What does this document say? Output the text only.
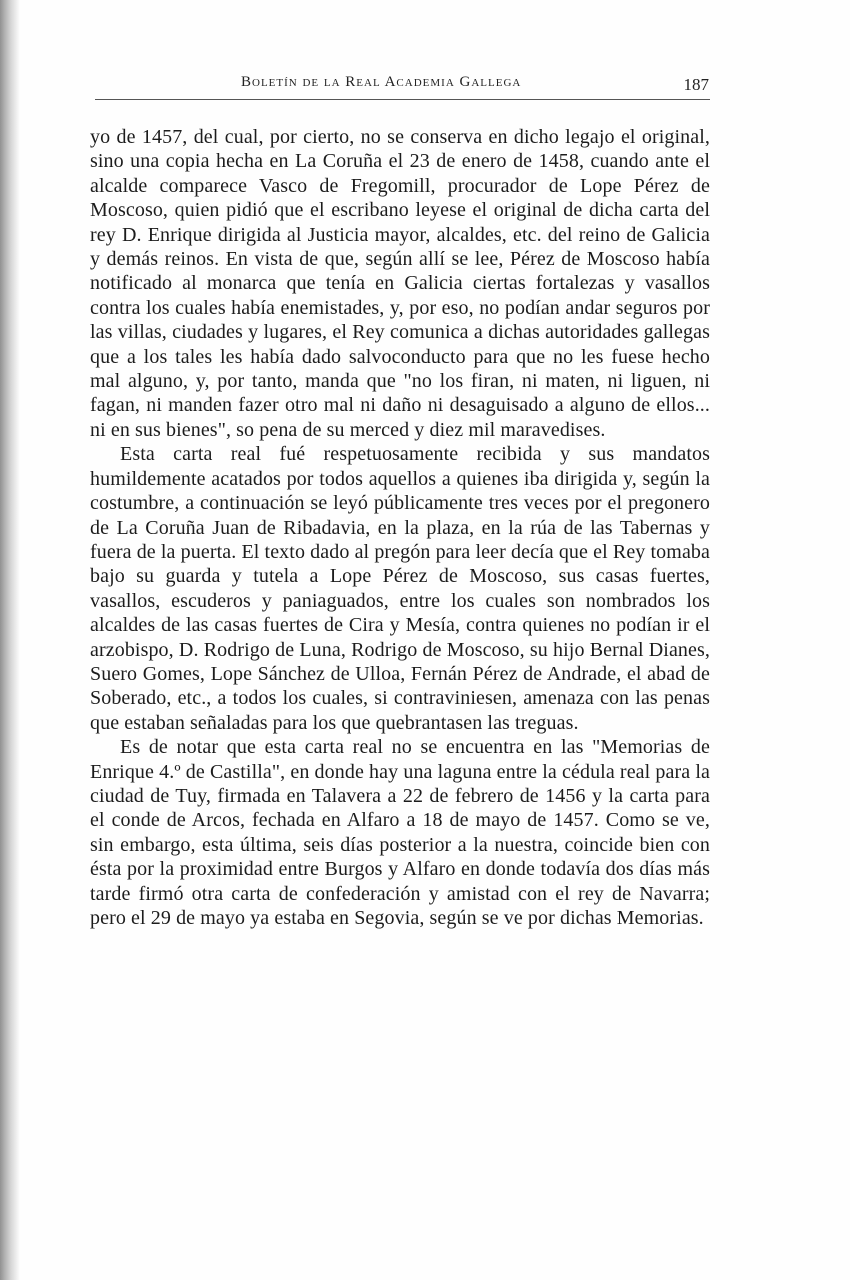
Boletín de la Real Academia Gallega	187

yo de 1457, del cual, por cierto, no se conserva en dicho legajo el original, sino una copia hecha en La Coruña el 23 de enero de 1458, cuando ante el alcalde comparece Vasco de Fregomill, procurador de Lope Pérez de Moscoso, quien pidió que el escribano leyese el original de dicha carta del rey D. Enrique dirigida al Justicia mayor, alcaldes, etc. del reino de Galicia y demás reinos. En vista de que, según allí se lee, Pérez de Moscoso había notificado al monarca que tenía en Galicia ciertas fortalezas y vasallos contra los cuales había enemistades, y, por eso, no podían andar seguros por las villas, ciudades y lugares, el Rey comunica a dichas autoridades gallegas que a los tales les había dado salvoconducto para que no les fuese hecho mal alguno, y, por tanto, manda que "no los firan, ni maten, ni liguen, ni fagan, ni manden fazer otro mal ni daño ni desaguisado a alguno de ellos... ni en sus bienes", so pena de su merced y diez mil maravedises.

Esta carta real fué respetuosamente recibida y sus mandatos humildemente acatados por todos aquellos a quienes iba dirigida y, según la costumbre, a continuación se leyó públicamente tres veces por el pregonero de La Coruña Juan de Ribadavia, en la plaza, en la rúa de las Tabernas y fuera de la puerta. El texto dado al pregón para leer decía que el Rey tomaba bajo su guarda y tutela a Lope Pérez de Moscoso, sus casas fuertes, vasallos, escuderos y paniaguados, entre los cuales son nombrados los alcaldes de las casas fuertes de Cira y Mesía, contra quienes no podían ir el arzobispo, D. Rodrigo de Luna, Rodrigo de Moscoso, su hijo Bernal Dianes, Suero Gomes, Lope Sánchez de Ulloa, Fernán Pérez de Andrade, el abad de Soberado, etc., a todos los cuales, si contraviniesen, amenaza con las penas que estaban señaladas para los que quebrantasen las treguas.

Es de notar que esta carta real no se encuentra en las "Memorias de Enrique 4.º de Castilla", en donde hay una laguna entre la cédula real para la ciudad de Tuy, firmada en Talavera a 22 de febrero de 1456 y la carta para el conde de Arcos, fechada en Alfaro a 18 de mayo de 1457. Como se ve, sin embargo, esta última, seis días posterior a la nuestra, coincide bien con ésta por la proximidad entre Burgos y Alfaro en donde todavía dos días más tarde firmó otra carta de confederación y amistad con el rey de Navarra; pero el 29 de mayo ya estaba en Segovia, según se ve por dichas Memorias.
